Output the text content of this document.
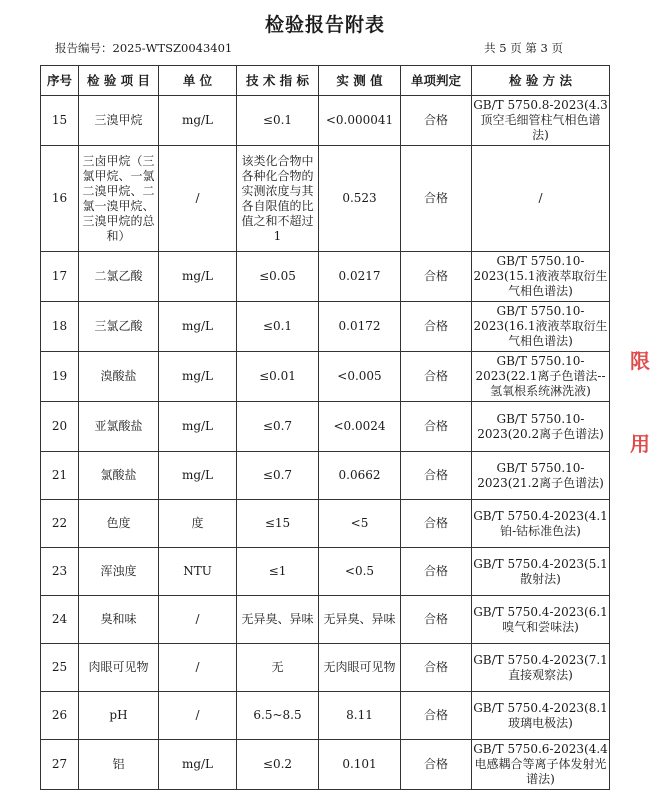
检验报告附表
报告编号：2025-WTSZ0043401	共 5 页 第 3 页
序号	检 验 项 目	单 位	技 术 指 标	实 测 值	单项判定	检 验 方 法
15	三溴甲烷	mg/L	≤0.1	<0.000041	合格	GB/T 5750.8-2023(4.3顶空毛细管柱气相色谱法)
16	三卤甲烷（三氯甲烷、一氯二溴甲烷、二氯一溴甲烷、三溴甲烷的总和）	/	该类化合物中各种化合物的实测浓度与其各自限值的比值之和不超过1	0.523	合格	/
17	二氯乙酸	mg/L	≤0.05	0.0217	合格	GB/T 5750.10-2023(15.1液液萃取衍生气相色谱法)
18	三氯乙酸	mg/L	≤0.1	0.0172	合格	GB/T 5750.10-2023(16.1液液萃取衍生气相色谱法)
19	溴酸盐	mg/L	≤0.01	<0.005	合格	GB/T 5750.10-2023(22.1离子色谱法--氢氧根系统淋洗液)
20	亚氯酸盐	mg/L	≤0.7	<0.0024	合格	GB/T 5750.10-2023(20.2离子色谱法)
21	氯酸盐	mg/L	≤0.7	0.0662	合格	GB/T 5750.10-2023(21.2离子色谱法)
22	色度	度	≤15	<5	合格	GB/T 5750.4-2023(4.1铂-钴标准色法)
23	浑浊度	NTU	≤1	<0.5	合格	GB/T 5750.4-2023(5.1散射法)
24	臭和味	/	无异臭、异味	无异臭、异味	合格	GB/T 5750.4-2023(6.1嗅气和尝味法)
25	肉眼可见物	/	无	无肉眼可见物	合格	GB/T 5750.4-2023(7.1直接观察法)
26	pH	/	6.5~8.5	8.11	合格	GB/T 5750.4-2023(8.1玻璃电极法)
27	铝	mg/L	≤0.2	0.101	合格	GB/T 5750.6-2023(4.4电感耦合等离子体发射光谱法)
限
用
